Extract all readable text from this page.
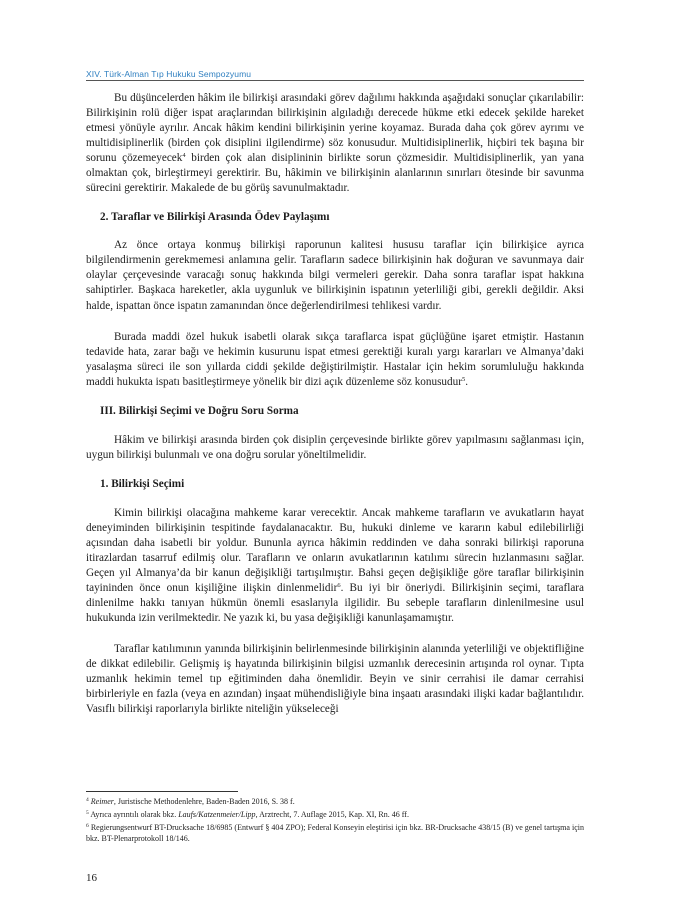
XIV. Türk-Alman Tıp Hukuku Sempozyumu

Bu düşüncelerden hâkim ile bilirkişi arasındaki görev dağılımı hakkında aşağıdaki sonuçlar çıkarılabilir: Bilirkişinin rolü diğer ispat araçlarından bilirkişinin algıladığı derecede hükme etki edecek şekilde hareket etmesi yönüyle ayrılır. Ancak hâkim kendini bilirkişinin yerine koyamaz. Burada daha çok görev ayrımı ve multidisiplinerlik (birden çok disiplini ilgilendirme) söz konusudur. Multidisiplinerlik, hiçbiri tek başına bir sorunu çözemeyecek$^4$ birden çok alan disiplininin birlikte sorun çözmesidir. Multidisiplinerlik, yan yana olmaktan çok, birleştirmeyi gerektirir. Bu, hâkimin ve bilirkişinin alanlarının sınırları ötesinde bir savunma sürecini gerektirir. Makalede de bu görüş savunulmaktadır.

2. Taraflar ve Bilirkişi Arasında Ödev Paylaşımı

Az önce ortaya konmuş bilirkişi raporunun kalitesi hususu taraflar için bilirkişice ayrıca bilgilendirmenin gerekmemesi anlamına gelir. Tarafların sadece bilirkişinin hak doğuran ve savunmaya dair olaylar çerçevesinde varacağı sonuç hakkında bilgi vermeleri gerekir. Daha sonra taraflar ispat hakkına sahiptirler. Başkaca hareketler, akla uygunluk ve bilirkişinin ispatının yeterliliği gibi, gerekli değildir. Aksi halde, ispattan önce ispatın zamanından önce değerlendirilmesi tehlikesi vardır.

Burada maddi özel hukuk isabetli olarak sıkça taraflarca ispat güçlüğüne işaret etmiştir. Hastanın tedavide hata, zarar bağı ve hekimin kusurunu ispat etmesi gerektiği kuralı yargı kararları ve Almanya’daki yasalaşma süreci ile son yıllarda ciddi şekilde değiştirilmiştir. Hastalar için hekim sorumluluğu hakkında maddi hukukta ispatı basitleştirmeye yönelik bir dizi açık düzenleme söz konusudur$^5$.

III. Bilirkişi Seçimi ve Doğru Soru Sorma

Hâkim ve bilirkişi arasında birden çok disiplin çerçevesinde birlikte görev yapılmasını sağlanması için, uygun bilirkişi bulunmalı ve ona doğru sorular yöneltilmelidir.

1. Bilirkişi Seçimi

Kimin bilirkişi olacağına mahkeme karar verecektir. Ancak mahkeme tarafların ve avukatların hayat deneyiminden bilirkişinin tespitinde faydalanacaktır. Bu, hukuki dinleme ve kararın kabul edilebilirliği açısından daha isabetli bir yoldur. Bununla ayrıca hâkimin reddinden ve daha sonraki bilirkişi raporuna itirazlardan tasarruf edilmiş olur. Tarafların ve onların avukatlarının katılımı sürecin hızlanmasını sağlar. Geçen yıl Almanya’da bir kanun değişikliği tartışılmıştır. Bahsi geçen değişikliğe göre taraflar bilirkişinin tayininden önce onun kişiliğine ilişkin dinlenmelidir$^6$. Bu iyi bir öneriydi. Bilirkişinin seçimi, taraflara dinlenilme hakkı tanıyan hükmün önemli esaslarıyla ilgilidir. Bu sebeple tarafların dinlenilmesine usul hukukunda izin verilmektedir. Ne yazık ki, bu yasa değişikliği kanunlaşamamıştır.

Taraflar katılımının yanında bilirkişinin belirlenmesinde bilirkişinin alanında yeterliliği ve objektifliğine de dikkat edilebilir. Gelişmiş iş hayatında bilirkişinin bilgisi uzmanlık derecesinin artışında rol oynar. Tıpta uzmanlık hekimin temel tıp eğitiminden daha önemlidir. Beyin ve sinir cerrahisi ile damar cerrahisi birbirleriyle en fazla (veya en azından) inşaat mühendisliğiyle bina inşaatı arasındaki ilişki kadar bağlantılıdır. Vasıflı bilirkişi raporlarıyla birlikte niteliğin yükseleceği

$^4$ Reimer, Juristische Methodenlehre, Baden-Baden 2016, S. 38 f.

$^5$ Ayrıca ayrıntılı olarak bkz. Laufs/Katzenmeier/Lipp, Arztrecht, 7. Auflage 2015, Kap. XI, Rn. 46 ff.

$^6$ Regierungsentwurf BT-Drucksache 18/6985 (Entwurf § 404 ZPO); Federal Konseyin eleştirisi için bkz. BR-Drucksache 438/15 (B) ve genel tartışma için bkz. BT-Plenarprotokoll 18/146.

16
